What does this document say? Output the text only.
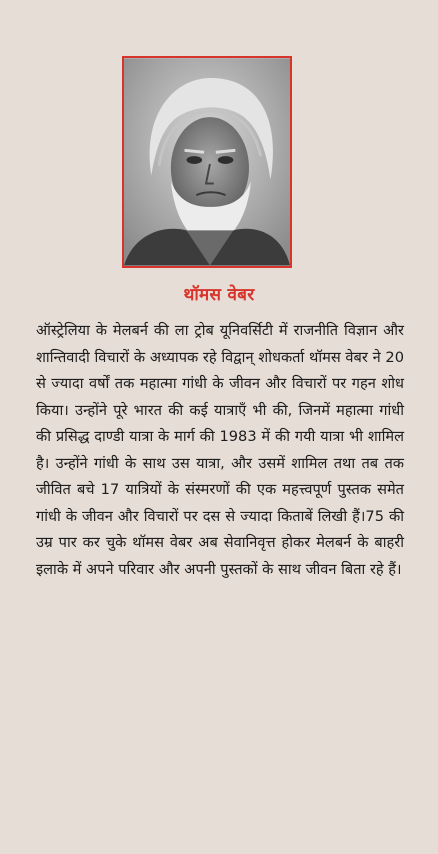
थॉमस वेबर

ऑस्ट्रेलिया के मेलबर्न की ला ट्रोब यूनिवर्सिटी में राजनीति विज्ञान और शान्तिवादी विचारों के अध्यापक रहे विद्वान् शोधकर्ता थॉमस वेबर ने 20 से ज्यादा वर्षों तक महात्मा गांधी के जीवन और विचारों पर गहन शोध किया। उन्होंने पूरे भारत की कई यात्राएँ भी की, जिनमें महात्मा गांधी की प्रसिद्ध दाण्डी यात्रा के मार्ग की 1983 में की गयी यात्रा भी शामिल है। उन्होंने गांधी के साथ उस यात्रा, और उसमें शामिल तथा तब तक जीवित बचे 17 यात्रियों के संस्मरणों की एक महत्त्वपूर्ण पुस्तक समेत गांधी के जीवन और विचारों पर दस से ज्यादा किताबें लिखी हैं।75 की उम्र पार कर चुके थॉमस वेबर अब सेवानिवृत्त होकर मेलबर्न के बाहरी इलाके में अपने परिवार और अपनी पुस्तकों के साथ जीवन बिता रहे हैं।
